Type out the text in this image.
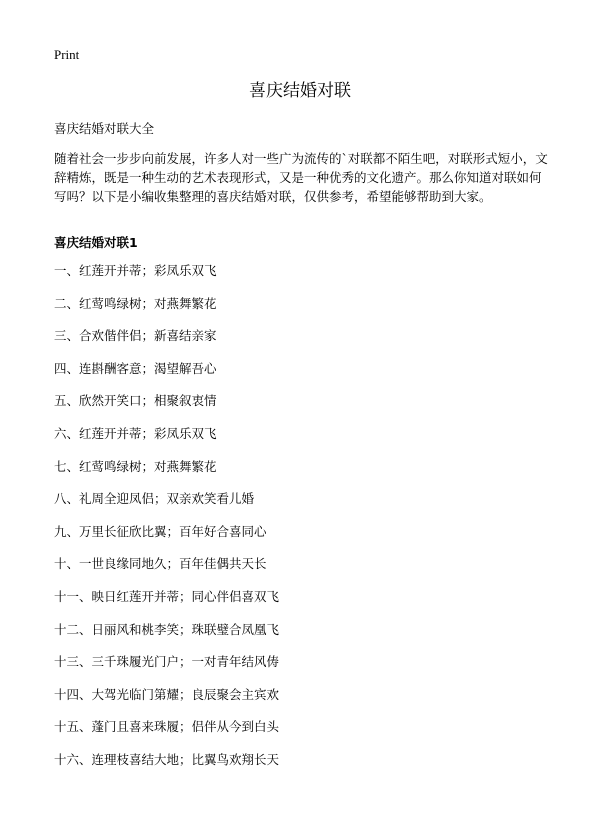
Print
喜庆结婚对联
喜庆结婚对联大全

随着社会一步步向前发展，许多人对一些广为流传的`对联都不陌生吧，对联形式短小，文辞精炼，既是一种生动的艺术表现形式，又是一种优秀的文化遗产。那么你知道对联如何写吗？以下是小编收集整理的喜庆结婚对联，仅供参考，希望能够帮助到大家。

喜庆结婚对联1
一、红莲开并蒂；彩凤乐双飞
二、红莺鸣绿树；对燕舞繁花
三、合欢偕伴侣；新喜结亲家
四、连斟酬客意；渴望解吾心
五、欣然开笑口；相聚叙衷情
六、红莲开并蒂；彩凤乐双飞
七、红莺鸣绿树；对燕舞繁花
八、礼周全迎凤侣；双亲欢笑看儿婚
九、万里长征欣比翼；百年好合喜同心
十、一世良缘同地久；百年佳偶共天长
十一、映日红莲开并蒂；同心伴侣喜双飞
十二、日丽风和桃李笑；珠联璧合凤凰飞
十三、三千珠履光门户；一对青年结风俦
十四、大驾光临门第耀；良辰聚会主宾欢
十五、蓬门且喜来珠履；侣伴从今到白头
十六、连理枝喜结大地；比翼鸟欢翔长天
